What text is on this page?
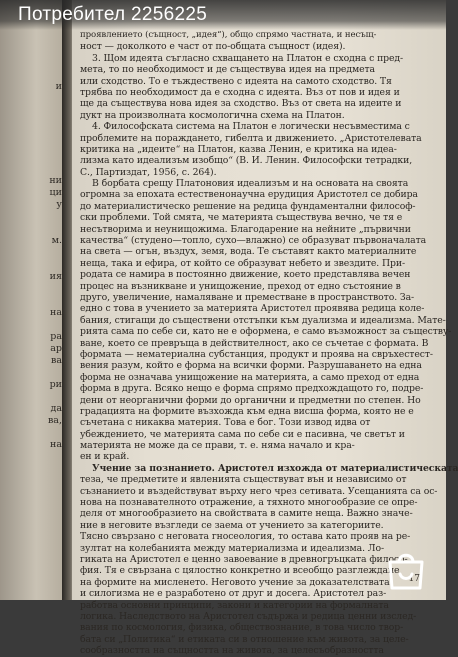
и
ни
ци
у
м.
ия
на
ра
ар
ва
ри
да
ва,
на
проявлението (същност, „идея“), общо спрямо частната, и несъщ-
ност — доколкото е част от по-общата същност (идея).
3. Щом идеята съгласно схващането на Платон е сходна с пред-
мета, то по необходимост и де съществува идея на предмета
или сходство. То е тъждествено с идеята на самото сходство. Тя
трябва по необходимост да е сходна с идеята. Въз от пов и идея и
ще да съществува нова идея за сходство. Въз от света на идеите и
дукт на произволната космологична схема на Платон.
4. Философската система на Платон е логически несъвместима с
проблемите на пораждането, гибелта и движението. „Аристотелевата
критика на „идеите“ на Платон, казва Ленин, е критика на идеа-
лизма като идеализъм изобщо“ (В. И. Ленин. Философски тетрадки,
С., Партиздат, 1956, с. 264).
В борбата срещу Платоновия идеализъм и на основата на своята
огромна за епохата естественонаучна ерудиция Аристотел се добира
до материалистическо решение на редица фундаментални философ-
ски проблеми. Той смята, че материята съществува вечно, че тя е
несътворима и неунищожима. Благодарение на нейните „първични
качества“ (студено—топло, сухо—влажно) се образуват първоначалата
на света — огън, въздух, земя, вода. Те съставят както материалните
неща, така и ефира, от който се образуват небето и звездите. При-
родата се намира в постоянно движение, което представлява вечен
процес на възникване и унищожение, преход от едно състояние в
друго, увеличение, намаляване и преместване в пространството. За-
едно с това в учението за материята Аристотел проявява редица коле-
бания, стигащи до съществени отстъпки към дуализма и идеализма. Мате-
рията сама по себе си, като не е оформена, е само възможност за съществу-
ване, което се превръща в действителност, ако се съчетае с формата. В
формата — нематериална субстанция, продукт и проява на свръхестест-
вения разум, който е форма на всички форми. Разрушаването на една
форма не означава унищожение на материята, а само преход от една
форма в друга. Всяко нещо е форма спрямо предхождащото го, подре-
дени от неорганични форми до органични и предметни по степен. Но
градацията на формите възхожда към една висша форма, която не е
съчетана с никаква материя. Това е бог. Този извод идва от
убеждението, че материята сама по себе си е пасивна, че светът и
материята не може да се прави, т. е. няма начало и кра-
ен и край.
Учение за познанието. Аристотел изхожда от материалистическата
теза, че предметите и явленията съществуват вън и независимо от
съзнанието и въздействуват върху него чрез сетивата. Усещанията са ос-
нова на познавателното отражение, а тяхното многообразие се опре-
деля от многообразието на свойствата в самите неща. Важно значе-
ние в неговите възгледи се заема от учението за категориите.
Тясно свързано с неговата гносеология, то остава като прояв на ре-
зултат на колебанията между материализма и идеализма. Ло-
гиката на Аристотел е ценно завоевание в древногръцката филосо-
фия. Тя е свързана с цялостно конкретно и всеобщо разглеждане
на формите на мисленето. Неговото учение за доказателствата
и силогизма не е разработено от друг и досега. Аристотел раз-
работва основни принципи, закони и категории на формалната
логика. Наследството на Аристотел съдържа и редица ценни изслед-
вания по космология, физика, обществознание, в това число твор-
бата си „Политика“ и етиката си в отношение към живота, за целе-
сообразността на същността на живота, за целесъобразността
17
Потребител 2256225
